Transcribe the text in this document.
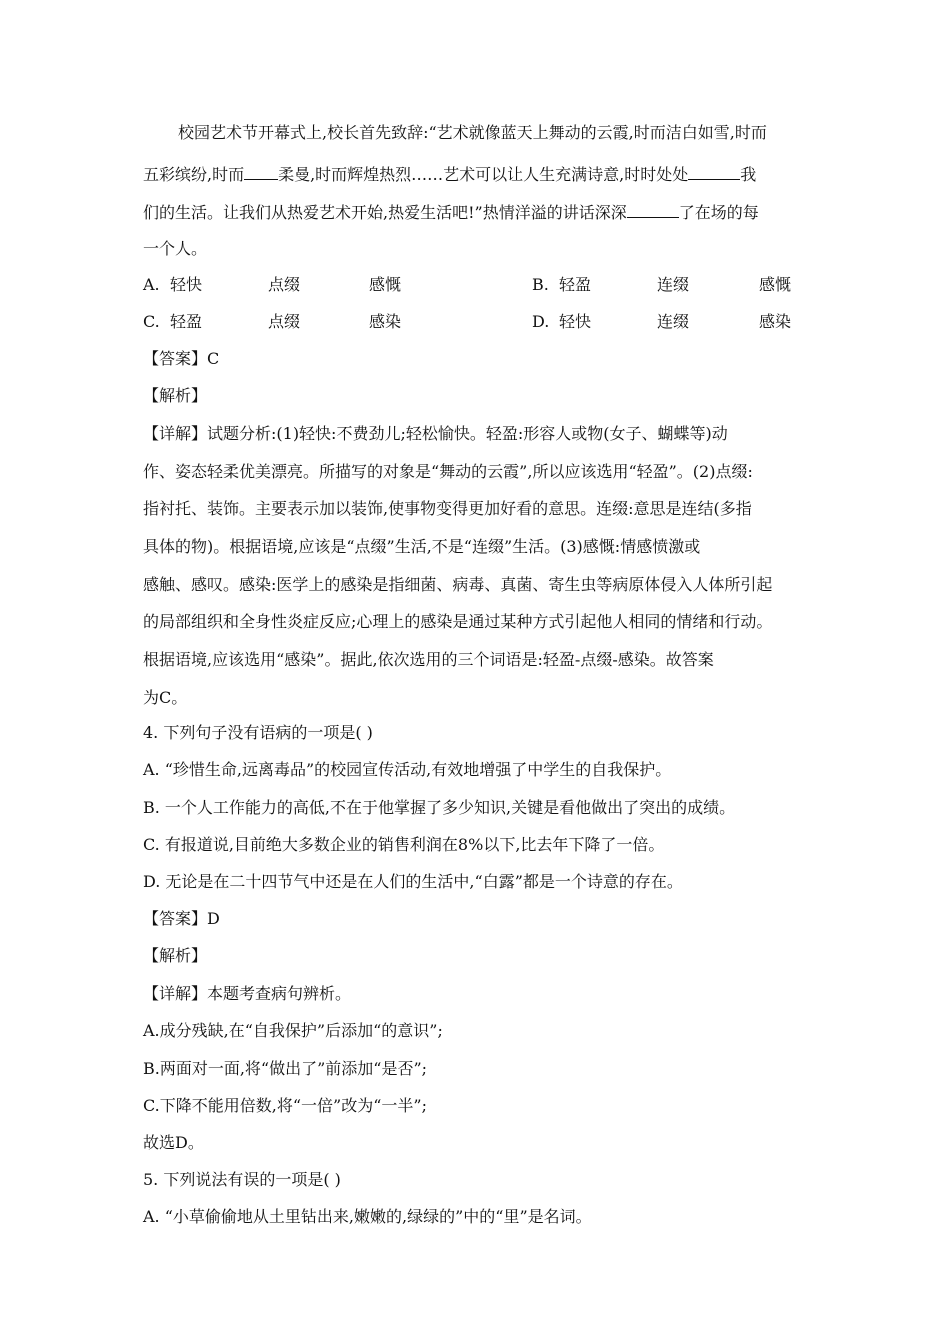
校园艺术节开幕式上,校长首先致辞:“艺术就像蓝天上舞动的云霞,时而洁白如雪,时而
五彩缤纷,时而 柔曼,时而辉煌热烈……艺术可以让人生充满诗意,时时处处	我
们的生活。让我们从热爱艺术开始,热爱生活吧!”热情洋溢的讲话深深	了在场的每
一个人。
A. 轻快	点缀	感慨	B. 轻盈	连缀	感慨
C. 轻盈	点缀	感染	D. 轻快	连缀	感染
【答案】C
【解析】
【详解】试题分析:(1)轻快:不费劲儿;轻松愉快。轻盈:形容人或物(女子、蝴蝶等)动
作、姿态轻柔优美漂亮。所描写的对象是“舞动的云霞”,所以应该选用“轻盈”。(2)点缀:
指衬托、装饰。主要表示加以装饰,使事物变得更加好看的意思。连缀:意思是连结(多指
具体的物)。根据语境,应该是“点缀”生活,不是“连缀”生活。(3)感慨:情感愤激或
感触、感叹。感染:医学上的感染是指细菌、病毒、真菌、寄生虫等病原体侵入人体所引起
的局部组织和全身性炎症反应;心理上的感染是通过某种方式引起他人相同的情绪和行动。
根据语境,应该选用“感染”。据此,依次选用的三个词语是:轻盈-点缀-感染。故答案
为C。
4. 下列句子没有语病的一项是( )
A. “珍惜生命,远离毒品”的校园宣传活动,有效地增强了中学生的自我保护。
B. 一个人工作能力的高低,不在于他掌握了多少知识,关键是看他做出了突出的成绩。
C. 有报道说,目前绝大多数企业的销售利润在8%以下,比去年下降了一倍。
D. 无论是在二十四节气中还是在人们的生活中,“白露”都是一个诗意的存在。
【答案】D
【解析】
【详解】本题考查病句辨析。
A.成分残缺,在“自我保护”后添加“的意识”;
B.两面对一面,将“做出了”前添加“是否”;
C.下降不能用倍数,将“一倍”改为“一半”;
故选D。
5. 下列说法有误的一项是( )
A. “小草偷偷地从土里钻出来,嫩嫩的,绿绿的”中的“里”是名词。
